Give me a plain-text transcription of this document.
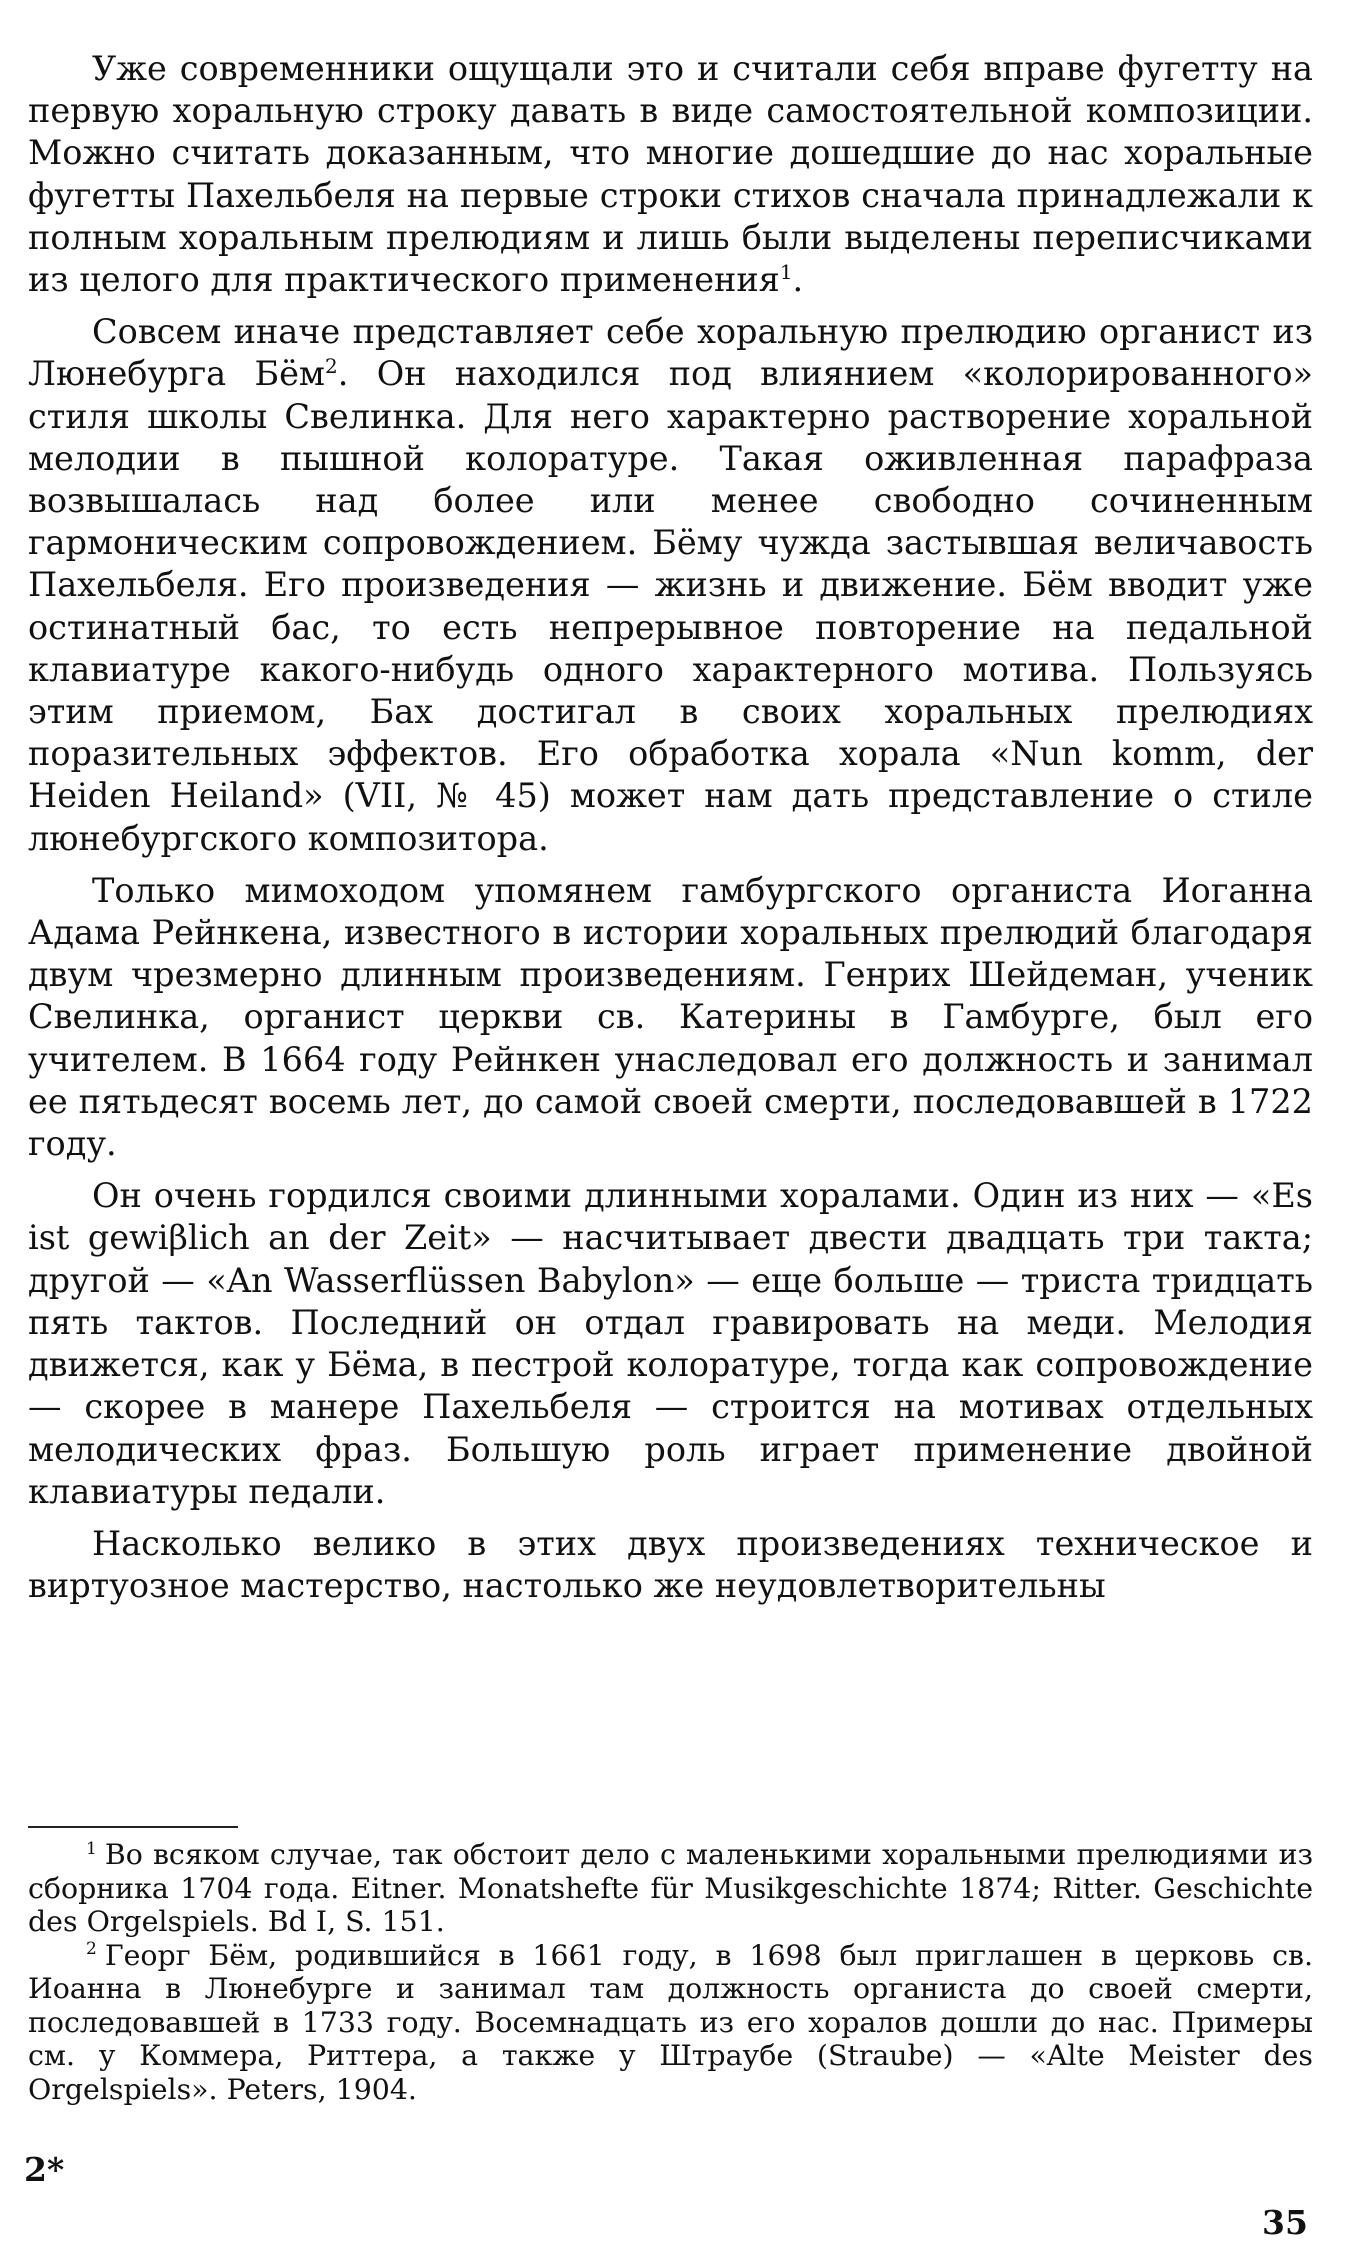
Уже современники ощущали это и считали себя вправе фугетту на первую хоральную строку давать в виде самостоятельной композиции. Можно считать доказанным, что многие дошедшие до нас хоральные фугетты Пахельбеля на первые строки стихов сначала принадлежали к полным хоральным прелюдиям и лишь были выделены переписчиками из целого для практического применения$^1$.

Совсем иначе представляет себе хоральную прелюдию органист из Люнебурга Бём$^2$. Он находился под влиянием «колорированного» стиля школы Свелинка. Для него характерно растворение хоральной мелодии в пышной колоратуре. Такая оживленная парафраза возвышалась над более или менее свободно сочиненным гармоническим сопровождением. Бёму чужда застывшая величавость Пахельбеля. Его произведения — жизнь и движение. Бём вводит уже остинатный бас, то есть непрерывное повторение на педальной клавиатуре какого-нибудь одного характерного мотива. Пользуясь этим приемом, Бах достигал в своих хоральных прелюдиях поразительных эффектов. Его обработка хорала «Nun komm, der Heiden Heiland» (VII, № 45) может нам дать представление о стиле люнебургского композитора.

Только мимоходом упомянем гамбургского органиста Иоганна Адама Рейнкена, известного в истории хоральных прелюдий благодаря двум чрезмерно длинным произведениям. Генрих Шейдеман, ученик Свелинка, органист церкви св. Катерины в Гамбурге, был его учителем. В 1664 году Рейнкен унаследовал его должность и занимал ее пятьдесят восемь лет, до самой своей смерти, последовавшей в 1722 году.

Он очень гордился своими длинными хоралами. Один из них — «Es ist gewiβlich an der Zeit» — насчитывает двести двадцать три такта; другой — «An Wasserflüssen Babylon» — еще больше — триста тридцать пять тактов. Последний он отдал гравировать на меди. Мелодия движется, как у Бёма, в пестрой колоратуре, тогда как сопровождение — скорее в манере Пахельбеля — строится на мотивах отдельных мелодических фраз. Большую роль играет применение двойной клавиатуры педали.

Насколько велико в этих двух произведениях техническое и виртуозное мастерство, настолько же неудовлетворительны

$^1$ Во всяком случае, так обстоит дело с маленькими хоральными прелюдиями из сборника 1704 года. Eitner. Monatshefte für Musikgeschichte 1874; Ritter. Geschichte des Orgelspiels. Bd I, S. 151.

$^2$ Георг Бём, родившийся в 1661 году, в 1698 был приглашен в церковь св. Иоанна в Люнебурге и занимал там должность органиста до своей смерти, последовавшей в 1733 году. Восемнадцать из его хоралов дошли до нас. Примеры см. у Коммера, Риттера, а также у Штраубе (Straube) — «Alte Meister des Orgelspiels». Peters, 1904.

2*
35
